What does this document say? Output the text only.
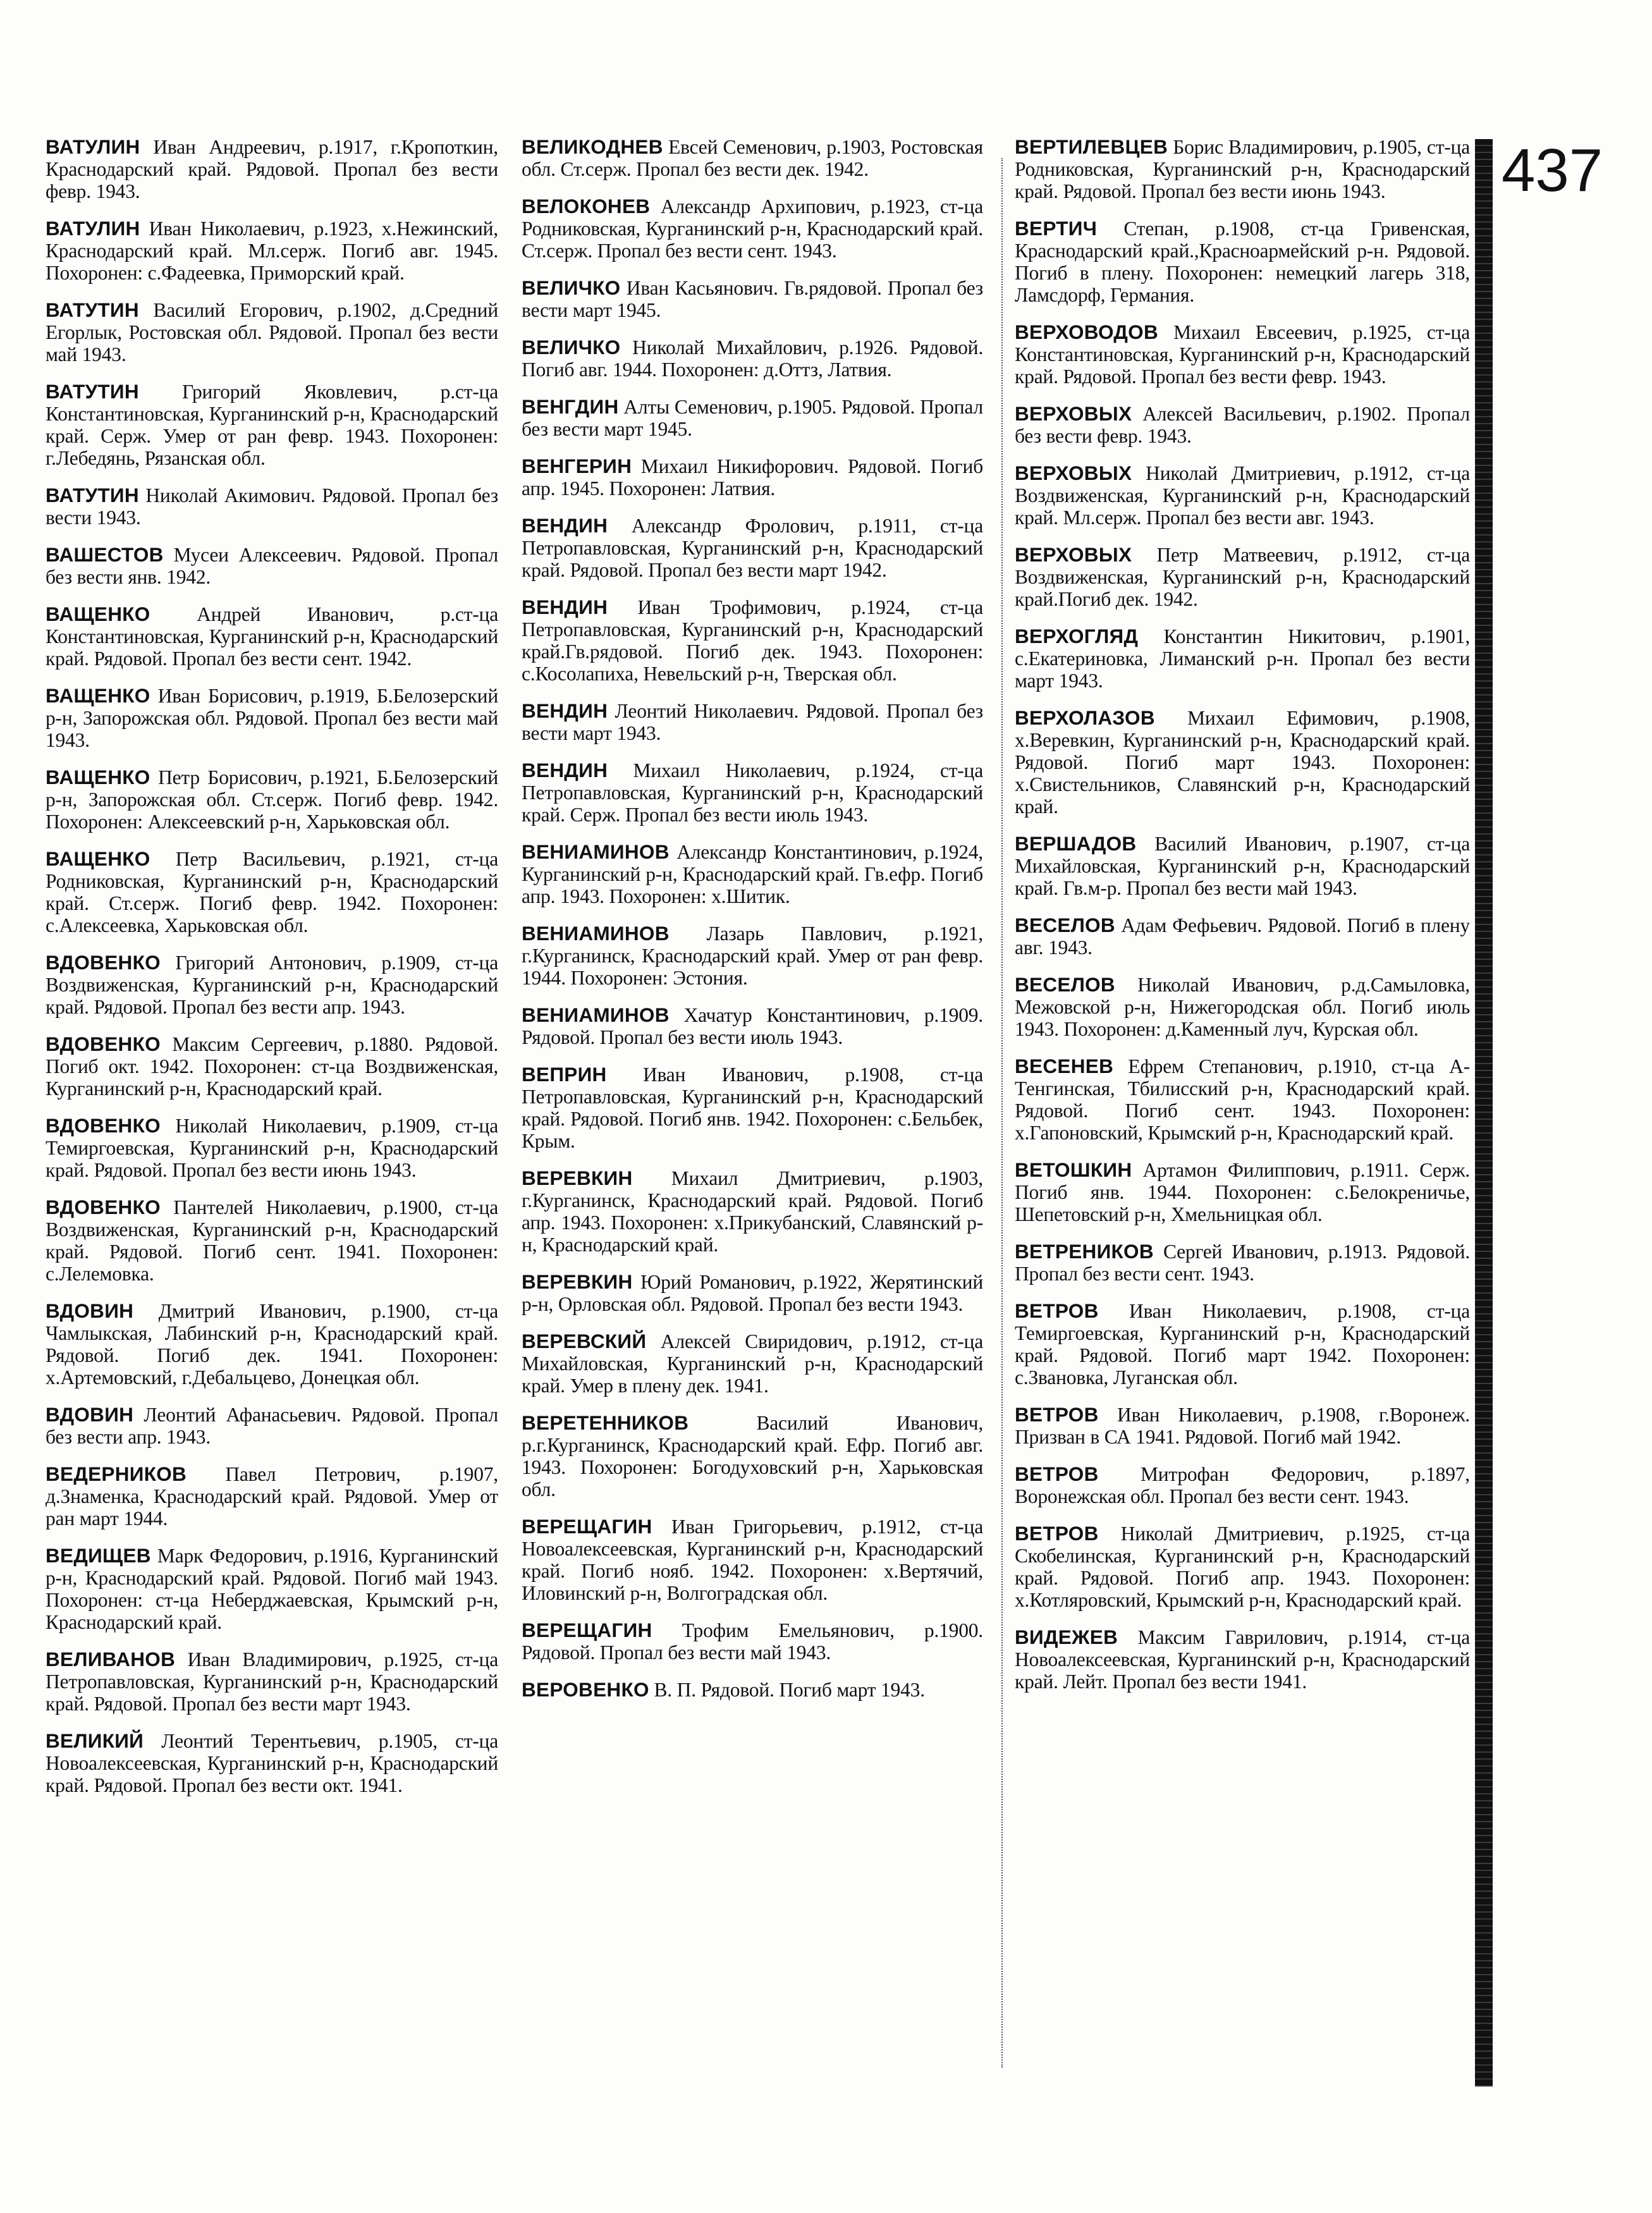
ВАТУЛИН Иван Андреевич, р.1917, г.Кропоткин, Краснодарский край. Рядовой. Пропал без вести февр. 1943.

ВАТУЛИН Иван Николаевич, р.1923, х.Нежинский, Краснодарский край. Мл.серж. Погиб авг. 1945. Похоронен: с.Фадеевка, Приморский край.

ВАТУТИН Василий Егорович, р.1902, д.Средний Егорлык, Ростовская обл. Рядовой. Пропал без вести май 1943.

ВАТУТИН Григорий Яковлевич, р.ст-ца Константиновская, Курганинский р-н, Краснодарский край. Серж. Умер от ран февр. 1943. Похоронен: г.Лебедянь, Рязанская обл.

ВАТУТИН Николай Акимович. Рядовой. Пропал без вести 1943.

ВАШЕСТОВ Мусеи Алексеевич. Рядовой. Пропал без вести янв. 1942.

ВАЩЕНКО Андрей Иванович, р.ст-ца Константиновская, Курганинский р-н, Краснодарский край. Рядовой. Пропал без вести сент. 1942.

ВАЩЕНКО Иван Борисович, р.1919, Б.Белозерский р-н, Запорожская обл. Рядовой. Пропал без вести май 1943.

ВАЩЕНКО Петр Борисович, р.1921, Б.Белозерский р-н, Запорожская обл. Ст.серж. Погиб февр. 1942. Похоронен: Алексеевский р-н, Харьковская обл.

ВАЩЕНКО Петр Васильевич, р.1921, ст-ца Родниковская, Курганинский р-н, Краснодарский край. Ст.серж. Погиб февр. 1942. Похоронен: с.Алексеевка, Харьковская обл.

ВДОВЕНКО Григорий Антонович, р.1909, ст-ца Воздвиженская, Курганинский р-н, Краснодарский край. Рядовой. Пропал без вести апр. 1943.

ВДОВЕНКО Максим Сергеевич, р.1880. Рядовой. Погиб окт. 1942. Похоронен: ст-ца Воздвиженская, Курганинский р-н, Краснодарский край.

ВДОВЕНКО Николай Николаевич, р.1909, ст-ца Темиргоевская, Курганинский р-н, Краснодарский край. Рядовой. Пропал без вести июнь 1943.

ВДОВЕНКО Пантелей Николаевич, р.1900, ст-ца Воздвиженская, Курганинский р-н, Краснодарский край. Рядовой. Погиб сент. 1941. Похоронен: с.Лелемовка.

ВДОВИН Дмитрий Иванович, р.1900, ст-ца Чамлыкская, Лабинский р-н, Краснодарский край. Рядовой. Погиб дек. 1941. Похоронен: х.Артемовский, г.Дебальцево, Донецкая обл.

ВДОВИН Леонтий Афанасьевич. Рядовой. Пропал без вести апр. 1943.

ВЕДЕРНИКОВ Павел Петрович, р.1907, д.Знаменка, Краснодарский край. Рядовой. Умер от ран март 1944.

ВЕДИЩЕВ Марк Федорович, р.1916, Курганинский р-н, Краснодарский край. Рядовой. Погиб май 1943. Похоронен: ст-ца Неберджаевская, Крымский р-н, Краснодарский край.

ВЕЛИВАНОВ Иван Владимирович, р.1925, ст-ца Петропавловская, Курганинский р-н, Краснодарский край. Рядовой. Пропал без вести март 1943.

ВЕЛИКИЙ Леонтий Терентьевич, р.1905, ст-ца Новоалексеевская, Курганинский р-н, Краснодарский край. Рядовой. Пропал без вести окт. 1941.

ВЕЛИКОДНЕВ Евсей Семенович, р.1903, Ростовская обл. Ст.серж. Пропал без вести дек. 1942.

ВЕЛОКОНЕВ Александр Архипович, р.1923, ст-ца Родниковская, Курганинский р-н, Краснодарский край. Ст.серж. Пропал без вести сент. 1943.

ВЕЛИЧКО Иван Касьянович. Гв.рядовой. Пропал без вести март 1945.

ВЕЛИЧКО Николай Михайлович, р.1926. Рядовой. Погиб авг. 1944. Похоронен: д.Оттз, Латвия.

ВЕНГДИН Алты Семенович, р.1905. Рядовой. Пропал без вести март 1945.

ВЕНГЕРИН Михаил Никифорович. Рядовой. Погиб апр. 1945. Похоронен: Латвия.

ВЕНДИН Александр Фролович, р.1911, ст-ца Петропавловская, Курганинский р-н, Краснодарский край. Рядовой. Пропал без вести март 1942.

ВЕНДИН Иван Трофимович, р.1924, ст-ца Петропавловская, Курганинский р-н, Краснодарский край.Гв.рядовой. Погиб дек. 1943. Похоронен: с.Косолапиха, Невельский р-н, Тверская обл.

ВЕНДИН Леонтий Николаевич. Рядовой. Пропал без вести март 1943.

ВЕНДИН Михаил Николаевич, р.1924, ст-ца Петропавловская, Курганинский р-н, Краснодарский край. Серж. Пропал без вести июль 1943.

ВЕНИАМИНОВ Александр Константинович, р.1924, Курганинский р-н, Краснодарский край. Гв.ефр. Погиб апр. 1943. Похоронен: х.Шитик.

ВЕНИАМИНОВ Лазарь Павлович, р.1921, г.Курганинск, Краснодарский край. Умер от ран февр. 1944. Похоронен: Эстония.

ВЕНИАМИНОВ Хачатур Константинович, р.1909. Рядовой. Пропал без вести июль 1943.

ВЕПРИН Иван Иванович, р.1908, ст-ца Петропавловская, Курганинский р-н, Краснодарский край. Рядовой. Погиб янв. 1942. Похоронен: с.Бельбек, Крым.

ВЕРЕВКИН Михаил Дмитриевич, р.1903, г.Курганинск, Краснодарский край. Рядовой. Погиб апр. 1943. Похоронен: х.Прикубанский, Славянский р-н, Краснодарский край.

ВЕРЕВКИН Юрий Романович, р.1922, Жерятинский р-н, Орловская обл. Рядовой. Пропал без вести 1943.

ВЕРЕВСКИЙ Алексей Свиридович, р.1912, ст-ца Михайловская, Курганинский р-н, Краснодарский край. Умер в плену дек. 1941.

ВЕРЕТЕННИКОВ	Василий Иванович, р.г.Курганинск, Краснодарский край. Ефр. Погиб авг. 1943. Похоронен: Богодуховский р-н, Харьковская обл.

ВЕРЕЩАГИН Иван Григорьевич, р.1912, ст-ца Новоалексеевская, Курганинский р-н, Краснодарский край. Погиб нояб. 1942. Похоронен: х.Вертячий, Иловинский р-н, Волгоградская обл.

ВЕРЕЩАГИН Трофим Емельянович, р.1900. Рядовой. Пропал без вести май 1943.

ВЕРОВЕНКО В. П. Рядовой. Погиб март 1943.

ВЕРТИЛЕВЦЕВ Борис Владимирович, р.1905, ст-ца Родниковская, Курганинский р-н, Краснодарский край. Рядовой. Пропал без вести июнь 1943.

ВЕРТИЧ Степан, р.1908, ст-ца Гривенская, Краснодарский край.,Красноармейский р-н. Рядовой. Погиб в плену. Похоронен: немецкий лагерь 318, Ламсдорф, Германия.

ВЕРХОВОДОВ Михаил Евсеевич, р.1925, ст-ца Константиновская, Курганинский р-н, Краснодарский край. Рядовой. Пропал без вести февр. 1943.

ВЕРХОВЫХ Алексей Васильевич, р.1902. Пропал без вести февр. 1943.

ВЕРХОВЫХ Николай Дмитриевич, р.1912, ст-ца Воздвиженская, Курганинский р-н, Краснодарский край. Мл.серж. Пропал без вести авг. 1943.

ВЕРХОВЫХ Петр Матвеевич, р.1912, ст-ца Воздвиженская, Курганинский р-н, Краснодарский край.Погиб дек. 1942.

ВЕРХОГЛЯД Константин Никитович, р.1901, с.Екатериновка, Лиманский р-н. Пропал без вести март 1943.

ВЕРХОЛАЗОВ Михаил Ефимович, р.1908, х.Веревкин, Курганинский р-н, Краснодарский край. Рядовой. Погиб март 1943. Похоронен: х.Свистельников, Славянский р-н, Краснодарский край.

ВЕРШАДОВ Василий Иванович, р.1907, ст-ца Михайловская, Курганинский р-н, Краснодарский край. Гв.м-р. Пропал без вести май 1943.

ВЕСЕЛОВ Адам Фефьевич. Рядовой. Погиб в плену авг. 1943.

ВЕСЕЛОВ Николай Иванович, р.д.Самыловка, Межовской р-н, Нижегородская обл. Погиб июль 1943. Похоронен: д.Каменный луч, Курская обл.

ВЕСЕНЕВ Ефрем Степанович, р.1910, ст-ца А-Тенгинская, Тбилисский р-н, Краснодарский край. Рядовой. Погиб сент. 1943. Похоронен: х.Гапоновский, Крымский р-н, Краснодарский край.

ВЕТОШКИН Артамон Филиппович, р.1911. Серж. Погиб янв. 1944. Похоронен: с.Белокреничье, Шепетовский р-н, Хмельницкая обл.

ВЕТРЕНИКОВ Сергей Иванович, р.1913. Рядовой. Пропал без вести сент. 1943.

ВЕТРОВ Иван Николаевич, р.1908, ст-ца Темиргоевская, Курганинский р-н, Краснодарский край. Рядовой. Погиб март 1942. Похоронен: с.Звановка, Луганская обл.

ВЕТРОВ Иван Николаевич, р.1908, г.Воронеж. Призван в СА 1941. Рядовой. Погиб май 1942.

ВЕТРОВ Митрофан Федорович, р.1897, Воронежская обл. Пропал без вести сент. 1943.

ВЕТРОВ Николай Дмитриевич, р.1925, ст-ца Скобелинская, Курганинский р-н, Краснодарский край. Рядовой. Погиб апр. 1943. Похоронен: х.Котляровский, Крымский р-н, Краснодарский край.

ВИДЕЖЕВ Максим Гаврилович, р.1914, ст-ца Новоалексеевская, Курганинский р-н, Краснодарский край. Лейт. Пропал без вести 1941.

437
